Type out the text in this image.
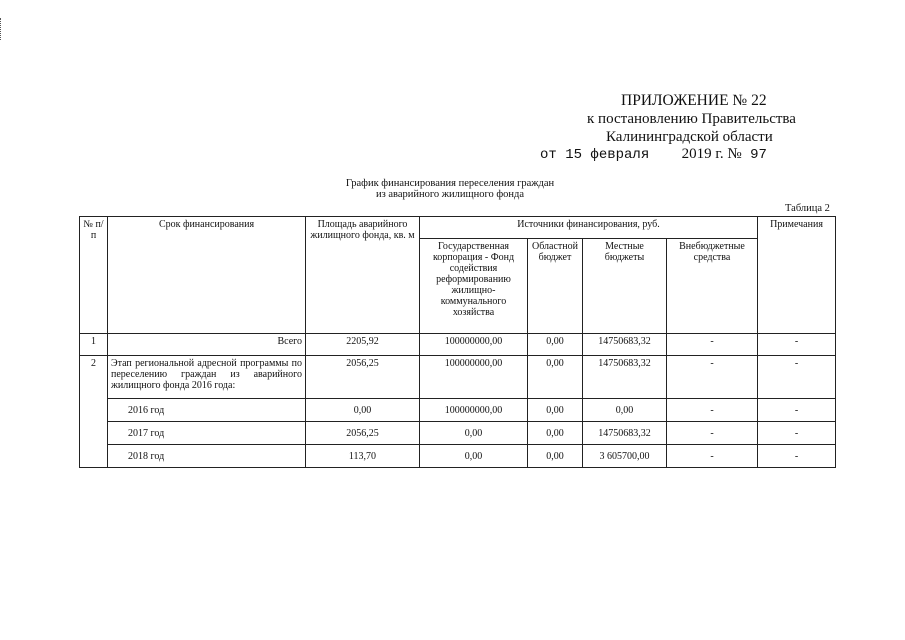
ПРИЛОЖЕНИЕ № 22
к постановлению Правительства
Калининградской области
от 15 февраля 2019 г. № 97
График финансирования переселения граждан
из аварийного жилищного фонда
Таблица 2
№ п/п	Срок финансирования	Площадь аварийного жилищного фонда, кв. м	Источники финансирования, руб.				Примечания
			Государственная корпорация - Фонд содействия реформированию жилищно-коммунального хозяйства	Областной бюджет	Местные бюджеты	Внебюджетные средства	
1	Всего	2205,92	100000000,00	0,00	14750683,32	-	-
2	Этап региональной адресной программы по переселению граждан из аварийного жилищного фонда 2016 года:	2056,25	100000000,00	0,00	14750683,32	-	-
	2016 год	0,00	100000000,00	0,00	0,00	-	-
	2017 год	2056,25	0,00	0,00	14750683,32	-	-
	2018 год	113,70	0,00	0,00	3 605700,00	-	-
